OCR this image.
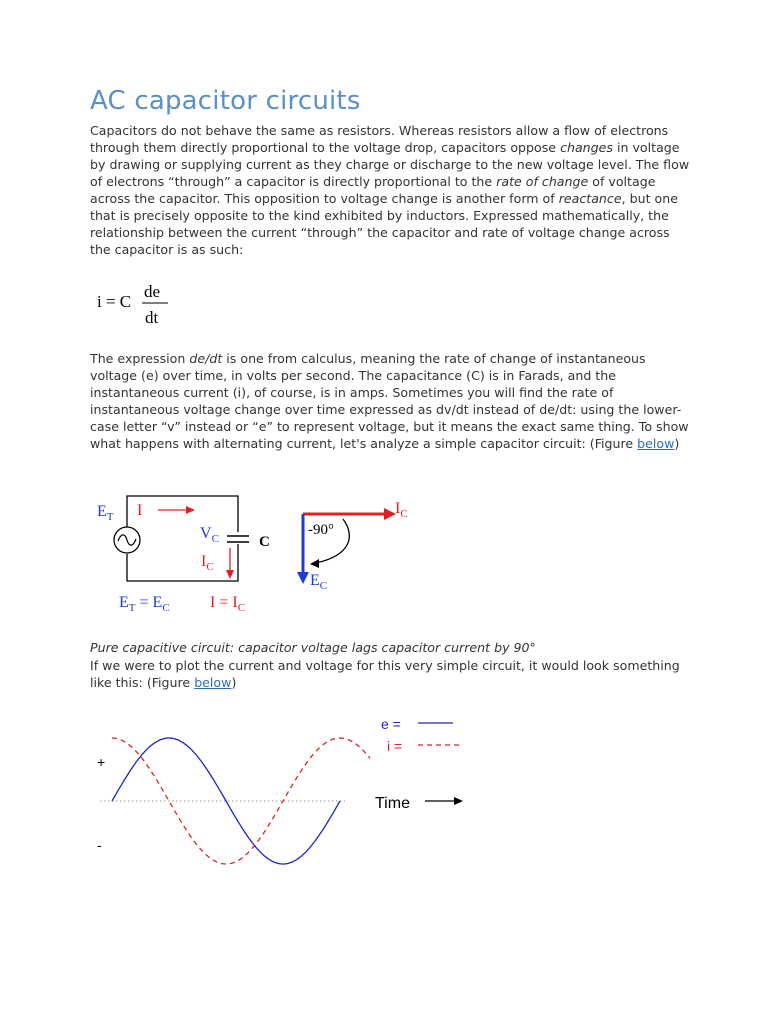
AC capacitor circuits

Capacitors do not behave the same as resistors. Whereas resistors allow a flow of electrons through them directly proportional to the voltage drop, capacitors oppose changes in voltage by drawing or supplying current as they charge or discharge to the new voltage level. The flow of electrons “through” a capacitor is directly proportional to the rate of change of voltage across the capacitor. This opposition to voltage change is another form of reactance, but one that is precisely opposite to the kind exhibited by inductors. Expressed mathematically, the relationship between the current “through” the capacitor and rate of voltage change across the capacitor is as such:

i = C
de
dt

The expression de/dt is one from calculus, meaning the rate of change of instantaneous voltage (e) over time, in volts per second. The capacitance (C) is in Farads, and the instantaneous current (i), of course, is in amps. Sometimes you will find the rate of instantaneous voltage change over time expressed as dv/dt instead of de/dt: using the lower-case letter “v” instead or “e” to represent voltage, but it means the exact same thing. To show what happens with alternating current, let's analyze a simple capacitor circuit: (Figure below)

C
$E_T$ I
$V_C$
$I_C$
$E_T = E_C$	$I = I_C$
-90°
$I_C$
$E_C$

Pure capacitive circuit: capacitor voltage lags capacitor current by 90°

If we were to plot the current and voltage for this very simple circuit, it would look something like this: (Figure below)

+
-
Time
e =
i =
